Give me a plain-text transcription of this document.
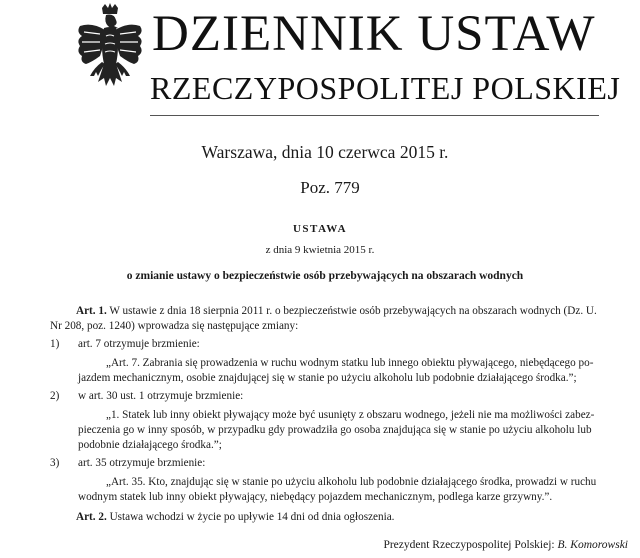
DZIENNIK USTAW
RZECZYPOSPOLITEJ POLSKIEJ
Warszawa, dnia 10 czerwca 2015 r.
Poz. 779
USTAWA
z dnia 9 kwietnia 2015 r.
o zmianie ustawy o bezpieczeństwie osób przebywających na obszarach wodnych
Art. 1. W ustawie z dnia 18 sierpnia 2011 r. o bezpieczeństwie osób przebywających na obszarach wodnych (Dz. U.
Nr 208, poz. 1240) wprowadza się następujące zmiany:
1) art. 7 otrzymuje brzmienie:
„Art. 7. Zabrania się prowadzenia w ruchu wodnym statku lub innego obiektu pływającego, niebędącego po-
jazdem mechanicznym, osobie znajdującej się w stanie po użyciu alkoholu lub podobnie działającego środka.”;
2) w art. 30 ust. 1 otrzymuje brzmienie:
„1. Statek lub inny obiekt pływający może być usunięty z obszaru wodnego, jeżeli nie ma możliwości zabez-
pieczenia go w inny sposób, w przypadku gdy prowadziła go osoba znajdująca się w stanie po użyciu alkoholu lub
podobnie działającego środka.”;
3) art. 35 otrzymuje brzmienie:
„Art. 35. Kto, znajdując się w stanie po użyciu alkoholu lub podobnie działającego środka, prowadzi w ruchu
wodnym statek lub inny obiekt pływający, niebędący pojazdem mechanicznym, podlega karze grzywny.”.
Art. 2. Ustawa wchodzi w życie po upływie 14 dni od dnia ogłoszenia.
Prezydent Rzeczypospolitej Polskiej: B. Komorowski
